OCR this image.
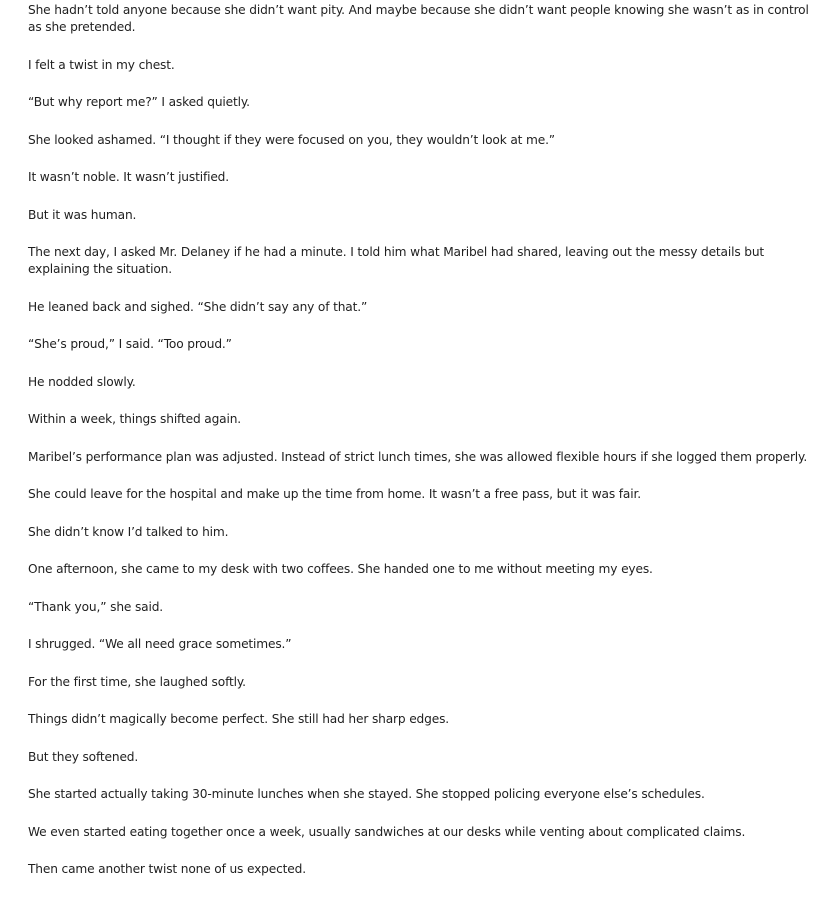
She hadn’t told anyone because she didn’t want pity. And maybe because she didn’t want people knowing she wasn’t as in control as she pretended.

I felt a twist in my chest.

“But why report me?” I asked quietly.

She looked ashamed. “I thought if they were focused on you, they wouldn’t look at me.”

It wasn’t noble. It wasn’t justified.

But it was human.

The next day, I asked Mr. Delaney if he had a minute. I told him what Maribel had shared, leaving out the messy details but explaining the situation.

He leaned back and sighed. “She didn’t say any of that.”

“She’s proud,” I said. “Too proud.”

He nodded slowly.

Within a week, things shifted again.

Maribel’s performance plan was adjusted. Instead of strict lunch times, she was allowed flexible hours if she logged them properly.

She could leave for the hospital and make up the time from home. It wasn’t a free pass, but it was fair.

She didn’t know I’d talked to him.

One afternoon, she came to my desk with two coffees. She handed one to me without meeting my eyes.

“Thank you,” she said.

I shrugged. “We all need grace sometimes.”

For the first time, she laughed softly.

Things didn’t magically become perfect. She still had her sharp edges.

But they softened.

She started actually taking 30-minute lunches when she stayed. She stopped policing everyone else’s schedules.

We even started eating together once a week, usually sandwiches at our desks while venting about complicated claims.

Then came another twist none of us expected.
